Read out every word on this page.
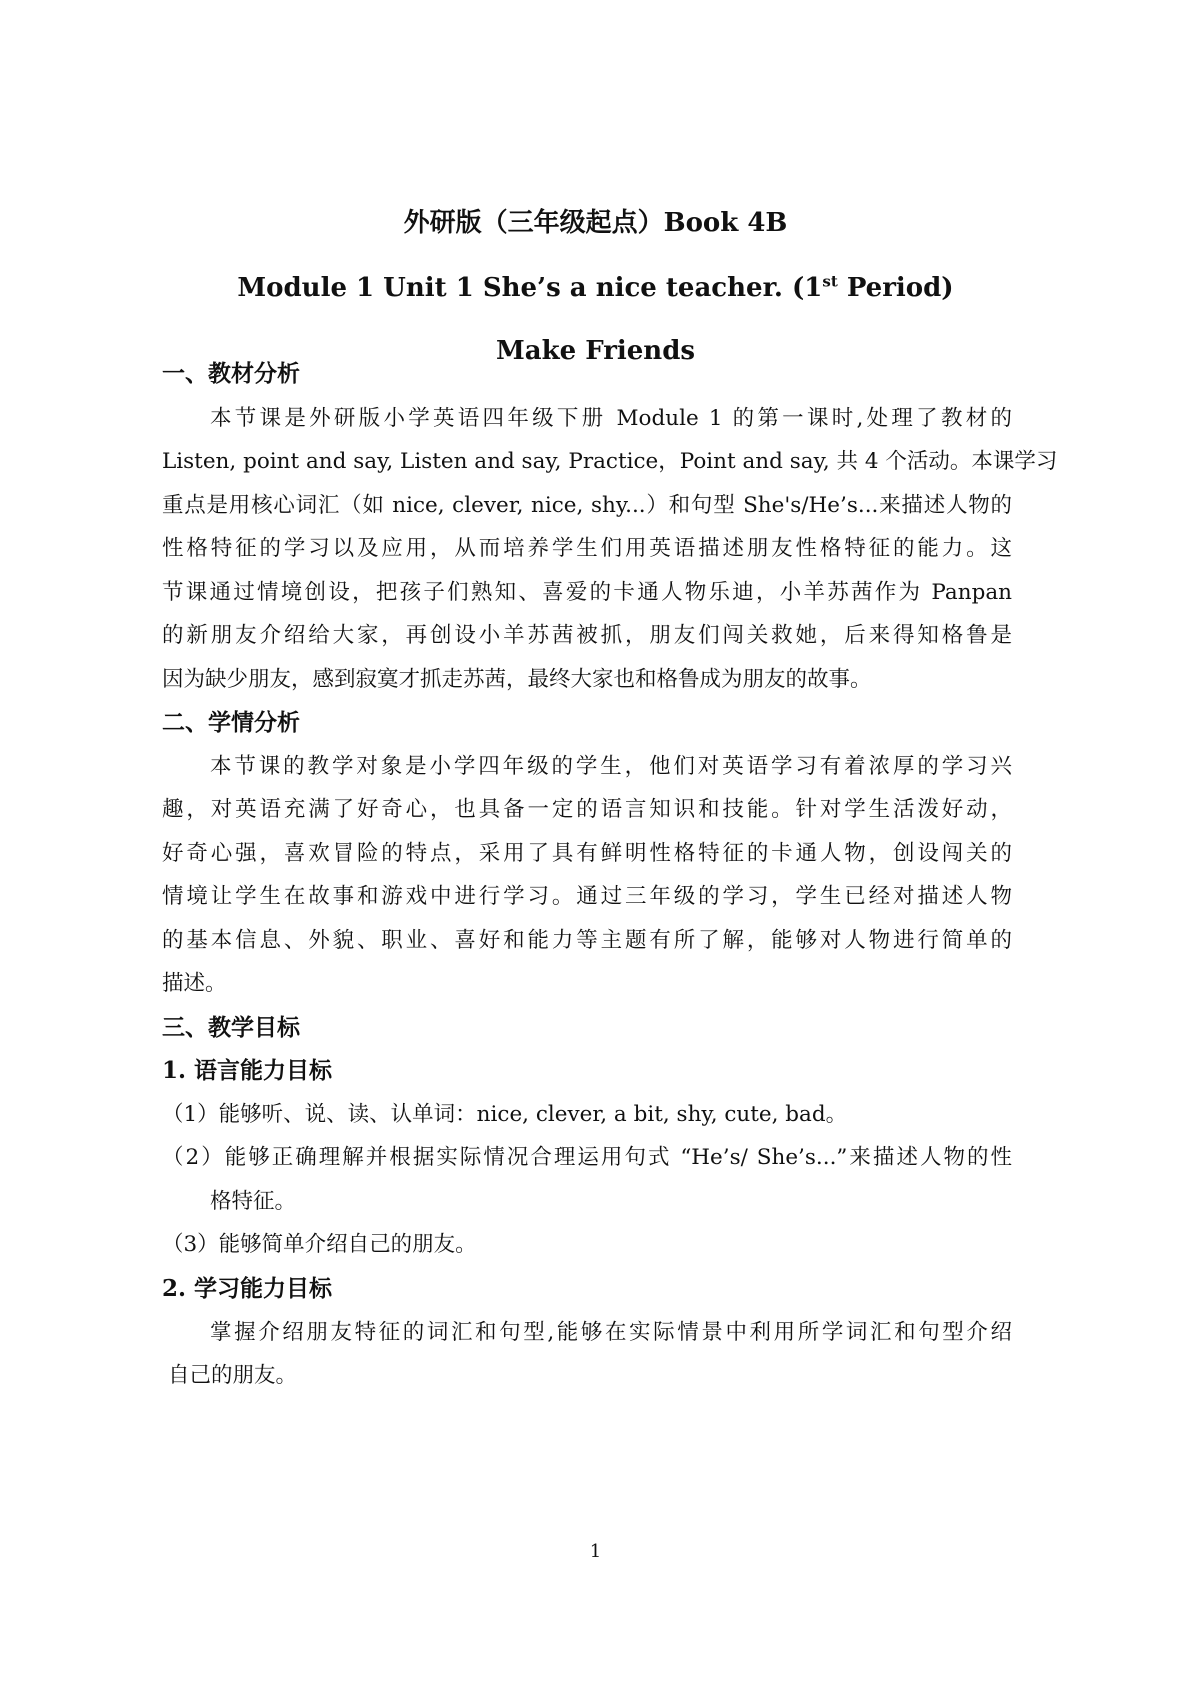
外研版（三年级起点）Book 4B
Module 1 Unit 1 She’s a nice teacher. (1st Period)
Make Friends
一、教材分析
本节课是外研版小学英语四年级下册 Module 1 的第一课时,处理了教材的
Listen, point and say, Listen and say, Practice，Point and say, 共 4 个活动。本课学习
重点是用核心词汇（如 nice, clever, nice, shy...）和句型 She's/He’s...来描述人物的
性格特征的学习以及应用，从而培养学生们用英语描述朋友性格特征的能力。这
节课通过情境创设，把孩子们熟知、喜爱的卡通人物乐迪，小羊苏茜作为 Panpan
的新朋友介绍给大家，再创设小羊苏茜被抓，朋友们闯关救她，后来得知格鲁是
因为缺少朋友，感到寂寞才抓走苏茜，最终大家也和格鲁成为朋友的故事。
二、学情分析
本节课的教学对象是小学四年级的学生，他们对英语学习有着浓厚的学习兴
趣，对英语充满了好奇心，也具备一定的语言知识和技能。针对学生活泼好动，
好奇心强，喜欢冒险的特点，采用了具有鲜明性格特征的卡通人物，创设闯关的
情境让学生在故事和游戏中进行学习。通过三年级的学习，学生已经对描述人物
的基本信息、外貌、职业、喜好和能力等主题有所了解，能够对人物进行简单的
描述。
三、教学目标
1. 语言能力目标
（1）能够听、说、读、认单词：nice, clever, a bit, shy, cute, bad。
（2）能够正确理解并根据实际情况合理运用句式 “He’s/ She’s...”来描述人物的性
格特征。
（3）能够简单介绍自己的朋友。
2. 学习能力目标
掌握介绍朋友特征的词汇和句型,能够在实际情景中利用所学词汇和句型介绍
自己的朋友。
1
